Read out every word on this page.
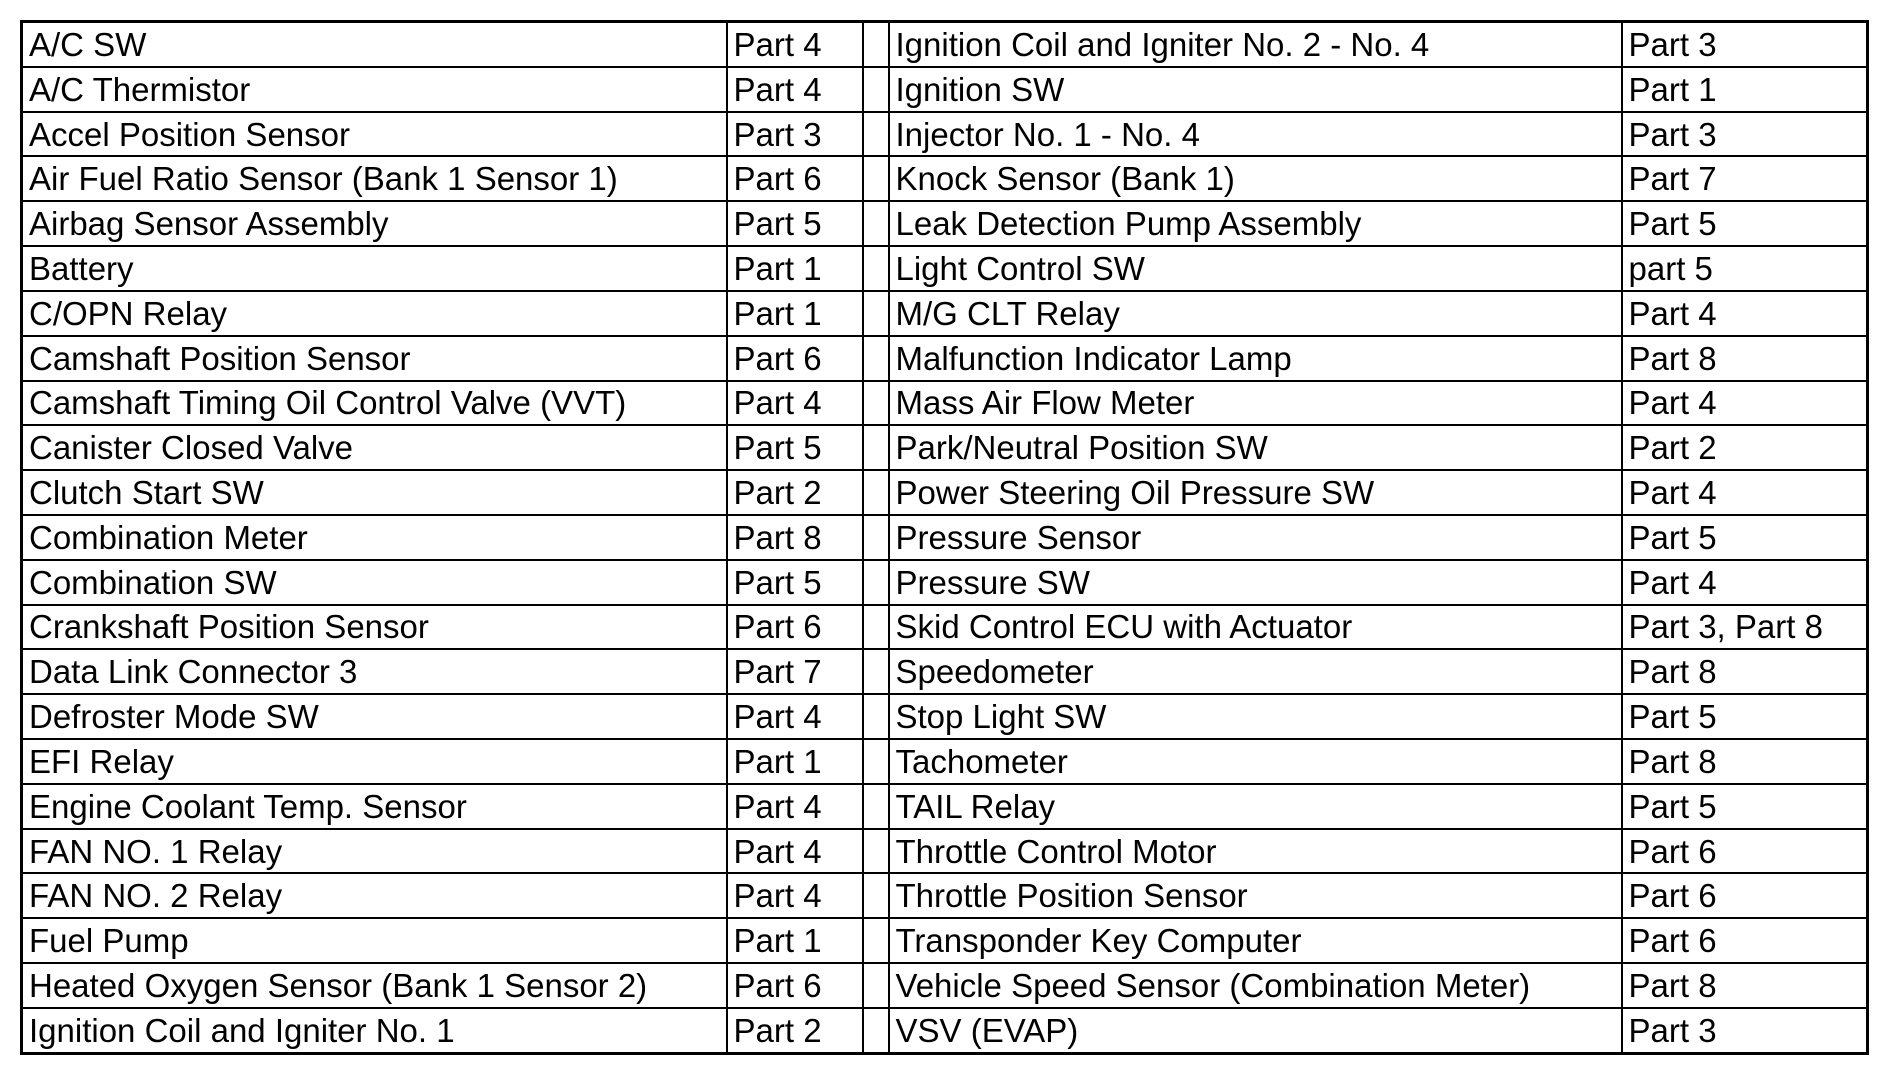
A/C SW	Part 4		Ignition Coil and Igniter No. 2 - No. 4	Part 3
A/C Thermistor	Part 4		Ignition SW	Part 1
Accel Position Sensor	Part 3		Injector No. 1 - No. 4	Part 3
Air Fuel Ratio Sensor (Bank 1 Sensor 1)	Part 6		Knock Sensor (Bank 1)	Part 7
Airbag Sensor Assembly	Part 5		Leak Detection Pump Assembly	Part 5
Battery	Part 1		Light Control SW	part 5
C/OPN Relay	Part 1		M/G CLT Relay	Part 4
Camshaft Position Sensor	Part 6		Malfunction Indicator Lamp	Part 8
Camshaft Timing Oil Control Valve (VVT)	Part 4		Mass Air Flow Meter	Part 4
Canister Closed Valve	Part 5		Park/Neutral Position SW	Part 2
Clutch Start SW	Part 2		Power Steering Oil Pressure SW	Part 4
Combination Meter	Part 8		Pressure Sensor	Part 5
Combination SW	Part 5		Pressure SW	Part 4
Crankshaft Position Sensor	Part 6		Skid Control ECU with Actuator	Part 3, Part 8
Data Link Connector 3	Part 7		Speedometer	Part 8
Defroster Mode SW	Part 4		Stop Light SW	Part 5
EFI Relay	Part 1		Tachometer	Part 8
Engine Coolant Temp. Sensor	Part 4		TAIL Relay	Part 5
FAN NO. 1 Relay	Part 4		Throttle Control Motor	Part 6
FAN NO. 2 Relay	Part 4		Throttle Position Sensor	Part 6
Fuel Pump	Part 1		Transponder Key Computer	Part 6
Heated Oxygen Sensor (Bank 1 Sensor 2)	Part 6		Vehicle Speed Sensor (Combination Meter)	Part 8
Ignition Coil and Igniter No. 1	Part 2		VSV (EVAP)	Part 3
